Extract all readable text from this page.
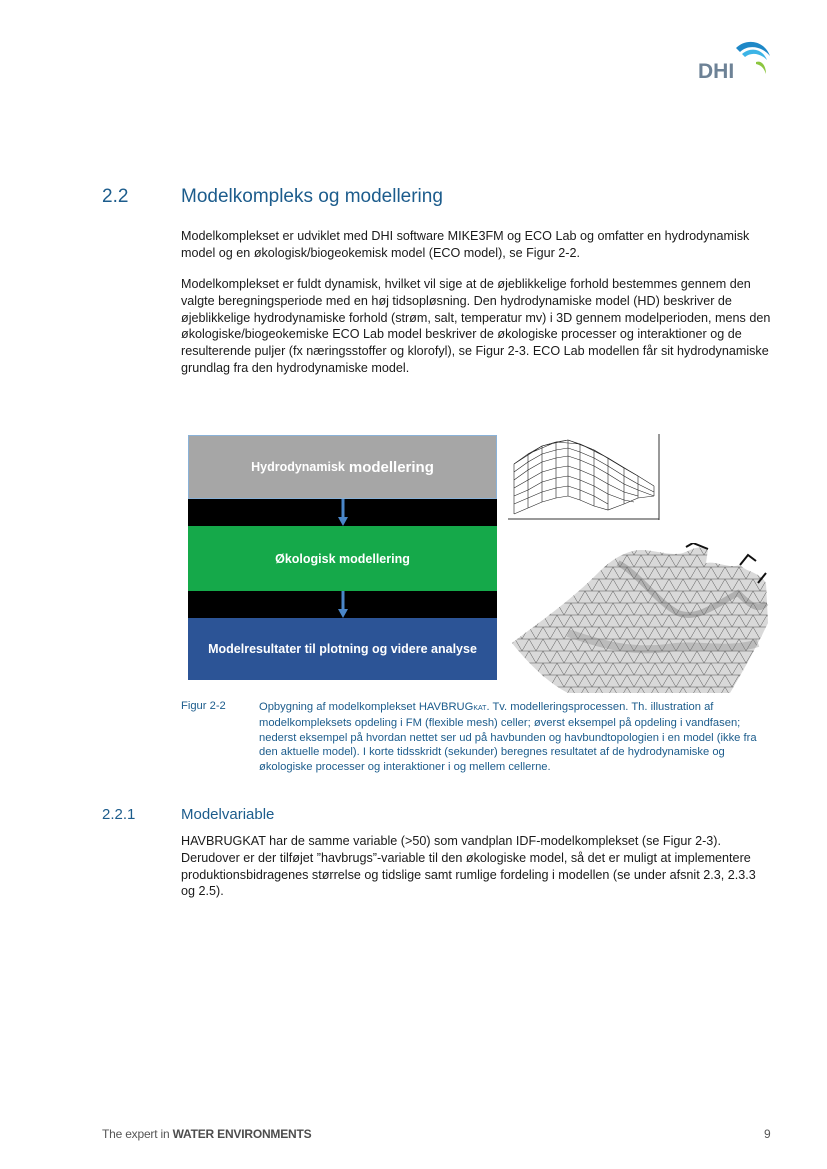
DHI
2.2	Modelkompleks og modellering

Modelkomplekset er udviklet med DHI software MIKE3FM og ECO Lab og omfatter en hydrodynamisk model og en økologisk/biogeokemisk model (ECO model), se Figur 2-2.

Modelkomplekset er fuldt dynamisk, hvilket vil sige at de øjeblikkelige forhold bestemmes gennem den valgte beregningsperiode med en høj tidsopløsning. Den hydrodynamiske model (HD) beskriver de øjeblikkelige hydrodynamiske forhold (strøm, salt, temperatur mv) i 3D gennem modelperioden, mens den økologiske/biogeokemiske ECO Lab model beskriver de økologiske processer og interaktioner og de resulterende puljer (fx næringsstoffer og klorofyl), se Figur 2-3. ECO Lab modellen får sit hydrodynamiske grundlag fra den hydrodynamiske model.

Hydrodynamisk modellering
Økologisk modellering
Modelresultater til plotning og videre analyse
Figur 2-2	Opbygning af modelkomplekset HAVBRUGKAT. Tv. modelleringsprocessen. Th. illustration af modelkompleksets opdeling i FM (flexible mesh) celler; øverst eksempel på opdeling i vandfasen; nederst eksempel på hvordan nettet ser ud på havbunden og havbundtopologien i en model (ikke fra den aktuelle model). I korte tidsskridt (sekunder) beregnes resultatet af de hydrodynamiske og økologiske processer og interaktioner i og mellem cellerne.

2.2.1	Modelvariable

HAVBRUGKAT har de samme variable (>50) som vandplan IDF-modelkomplekset (se Figur 2-3). Derudover er der tilføjet ”havbrugs”-variable til den økologiske model, så det er muligt at implementere produktionsbidragenes størrelse og tidslige samt rumlige fordeling i modellen (se under afsnit 2.3, 2.3.3 og 2.5).

The expert in WATER ENVIRONMENTS	9
